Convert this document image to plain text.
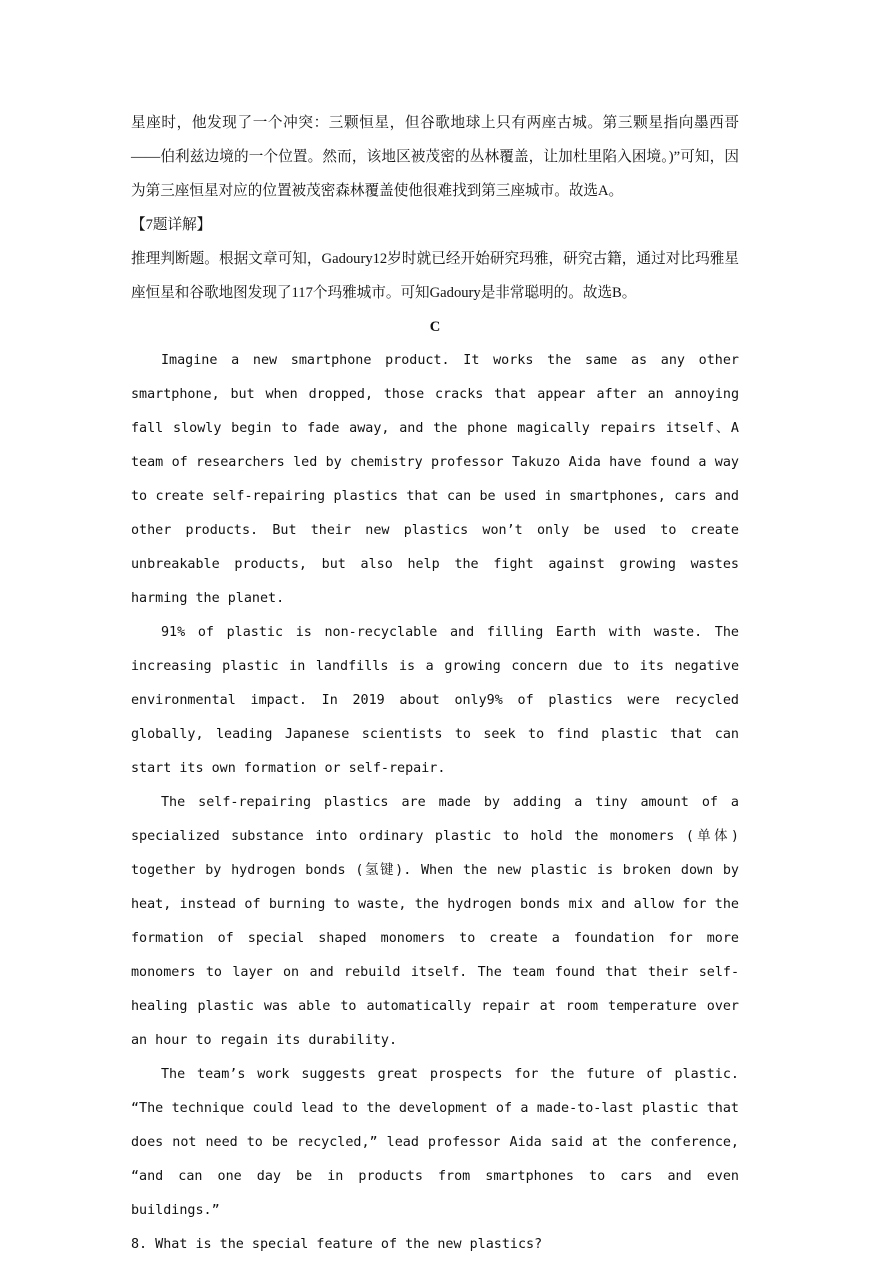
星座时，他发现了一个冲突：三颗恒星，但谷歌地球上只有两座古城。第三颗星指向墨西哥——伯利兹边境的一个位置。然而，该地区被茂密的丛林覆盖，让加杜里陷入困境。)”可知，因为第三座恒星对应的位置被茂密森林覆盖使他很难找到第三座城市。故选A。

【7题详解】

推理判断题。根据文章可知，Gadoury12岁时就已经开始研究玛雅，研究古籍，通过对比玛雅星座恒星和谷歌地图发现了117个玛雅城市。可知Gadoury是非常聪明的。故选B。

C

Imagine a new smartphone product. It works the same as any other smartphone, but when dropped, those cracks that appear after an annoying fall slowly begin to fade away, and the phone magically repairs itself、A team of researchers led by chemistry professor Takuzo Aida have found a way to create self-repairing plastics that can be used in smartphones, cars and other products. But their new plastics won’t only be used to create unbreakable products, but also help the fight against growing wastes harming the planet.

91% of plastic is non-recyclable and filling Earth with waste. The increasing plastic in landfills is a growing concern due to its negative environmental impact. In 2019 about only9% of plastics were recycled globally, leading Japanese scientists to seek to find plastic that can start its own formation or self-repair.

The self-repairing plastics are made by adding a tiny amount of a specialized substance into ordinary plastic to hold the monomers (单体) together by hydrogen bonds (氢键). When the new plastic is broken down by heat, instead of burning to waste, the hydrogen bonds mix and allow for the formation of special shaped monomers to create a foundation for more monomers to layer on and rebuild itself. The team found that their self-healing plastic was able to automatically repair at room temperature over an hour to regain its durability.

The team’s work suggests great prospects for the future of plastic. “The technique could lead to the development of a made-to-last plastic that does not need to be recycled,” lead professor Aida said at the conference, “and can one day be in products from smartphones to cars and even buildings.”

8. What is the special feature of the new plastics?
